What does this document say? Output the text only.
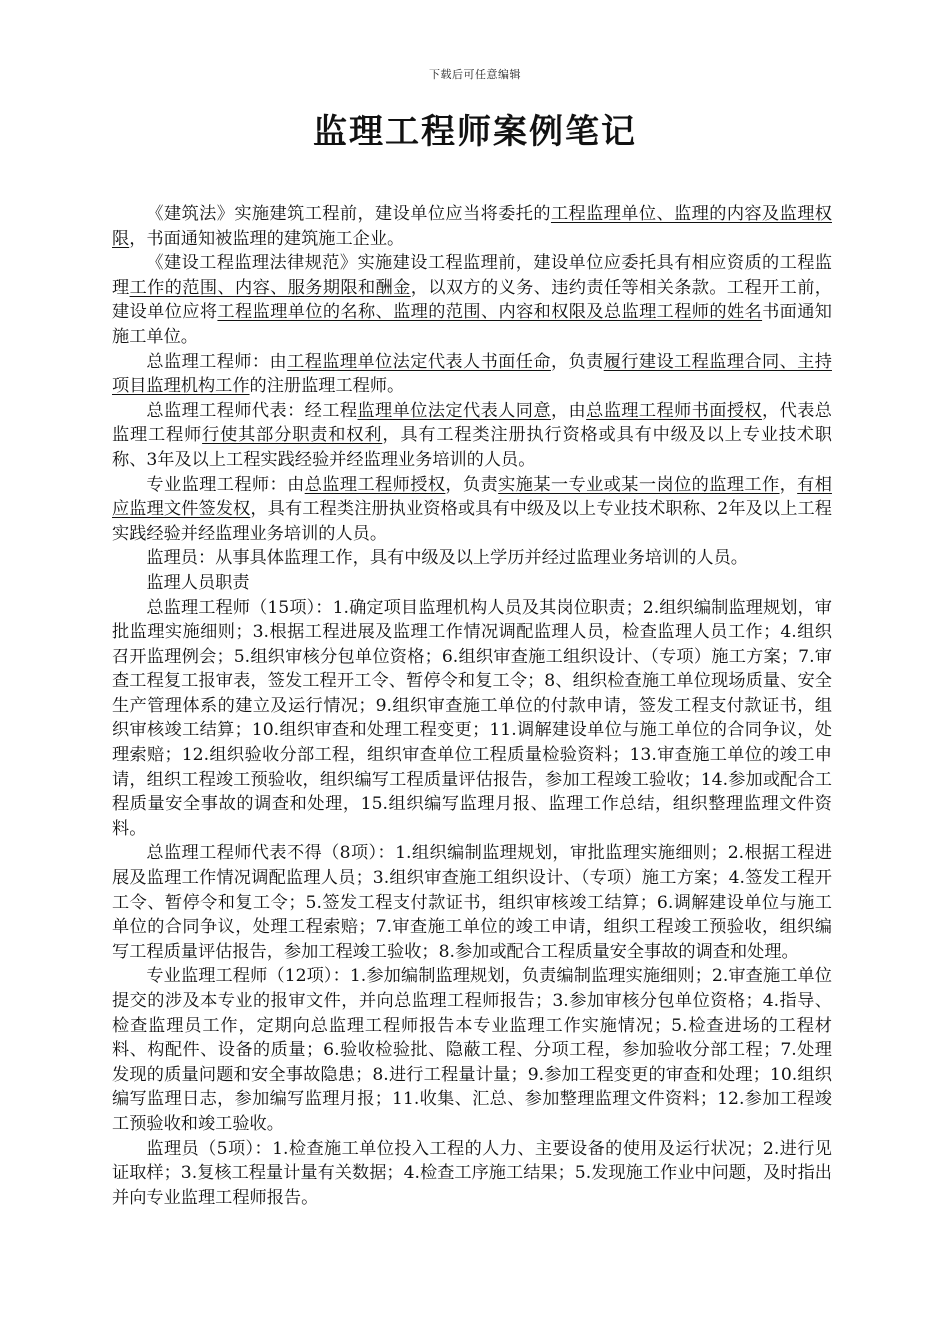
下载后可任意编辑
监理工程师案例笔记

《建筑法》实施建筑工程前，建设单位应当将委托的工程监理单位、监理的内容及监理权限，书面通知被监理的建筑施工企业。

《建设工程监理法律规范》实施建设工程监理前，建设单位应委托具有相应资质的工程监理工作的范围、内容、服务期限和酬金，以双方的义务、违约责任等相关条款。工程开工前，建设单位应将工程监理单位的名称、监理的范围、内容和权限及总监理工程师的姓名书面通知施工单位。

总监理工程师：由工程监理单位法定代表人书面任命，负责履行建设工程监理合同、主持项目监理机构工作的注册监理工程师。

总监理工程师代表：经工程监理单位法定代表人同意，由总监理工程师书面授权，代表总监理工程师行使其部分职责和权利，具有工程类注册执行资格或具有中级及以上专业技术职称、3年及以上工程实践经验并经监理业务培训的人员。

专业监理工程师：由总监理工程师授权，负责实施某一专业或某一岗位的监理工作，有相应监理文件签发权，具有工程类注册执业资格或具有中级及以上专业技术职称、2年及以上工程实践经验并经监理业务培训的人员。

监理员：从事具体监理工作，具有中级及以上学历并经过监理业务培训的人员。

监理人员职责

总监理工程师（15项）：1.确定项目监理机构人员及其岗位职责；2.组织编制监理规划，审批监理实施细则；3.根据工程进展及监理工作情况调配监理人员，检查监理人员工作；4.组织召开监理例会；5.组织审核分包单位资格；6.组织审查施工组织设计、（专项）施工方案；7.审查工程复工报审表，签发工程开工令、暂停令和复工令；8、组织检查施工单位现场质量、安全生产管理体系的建立及运行情况；9.组织审查施工单位的付款申请，签发工程支付款证书，组织审核竣工结算；10.组织审查和处理工程变更；11.调解建设单位与施工单位的合同争议，处理索赔；12.组织验收分部工程，组织审查单位工程质量检验资料；13.审查施工单位的竣工申请，组织工程竣工预验收，组织编写工程质量评估报告，参加工程竣工验收；14.参加或配合工程质量安全事故的调查和处理，15.组织编写监理月报、监理工作总结，组织整理监理文件资料。

总监理工程师代表不得（8项）：1.组织编制监理规划，审批监理实施细则；2.根据工程进展及监理工作情况调配监理人员；3.组织审查施工组织设计、（专项）施工方案；4.签发工程开工令、暂停令和复工令；5.签发工程支付款证书，组织审核竣工结算；6.调解建设单位与施工单位的合同争议，处理工程索赔；7.审查施工单位的竣工申请，组织工程竣工预验收，组织编写工程质量评估报告，参加工程竣工验收；8.参加或配合工程质量安全事故的调查和处理。

专业监理工程师（12项）：1.参加编制监理规划，负责编制监理实施细则；2.审查施工单位提交的涉及本专业的报审文件，并向总监理工程师报告；3.参加审核分包单位资格；4.指导、检查监理员工作，定期向总监理工程师报告本专业监理工作实施情况；5.检查进场的工程材料、构配件、设备的质量；6.验收检验批、隐蔽工程、分项工程，参加验收分部工程；7.处理发现的质量问题和安全事故隐患；8.进行工程量计量；9.参加工程变更的审查和处理；10.组织编写监理日志，参加编写监理月报；11.收集、汇总、参加整理监理文件资料；12.参加工程竣工预验收和竣工验收。

监理员（5项）：1.检查施工单位投入工程的人力、主要设备的使用及运行状况；2.进行见证取样；3.复核工程量计量有关数据；4.检查工序施工结果；5.发现施工作业中问题，及时指出并向专业监理工程师报告。
